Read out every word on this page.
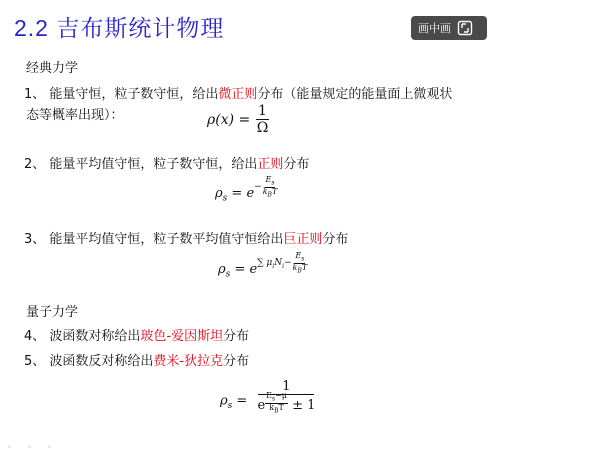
2.2 吉布斯统计物理	画中画
经典力学
1、 能量守恒，粒子数守恒，给出微正则分布（能量规定的能量面上微观状
态等概率出现）：	$\rho(x) = \frac{1}{\Omega}$
2、 能量平均值守恒，粒子数守恒，给出正则分布
$\rho_s = e^-$
$E_s$
$k_BT$
3、 能量平均值守恒，粒子数平均值守恒给出巨正则分布
$\rho_s = e^{\sum \mu_iN_i-}$
$E_s$
$k_BT$
量子力学
4、 波函数对称给出玻色-爱因斯坦分布
5、 波函数反对称给出费米-狄拉克分布
$\rho_s = 1$
e
$E_s-\mu$
$k_BT \pm 1$
